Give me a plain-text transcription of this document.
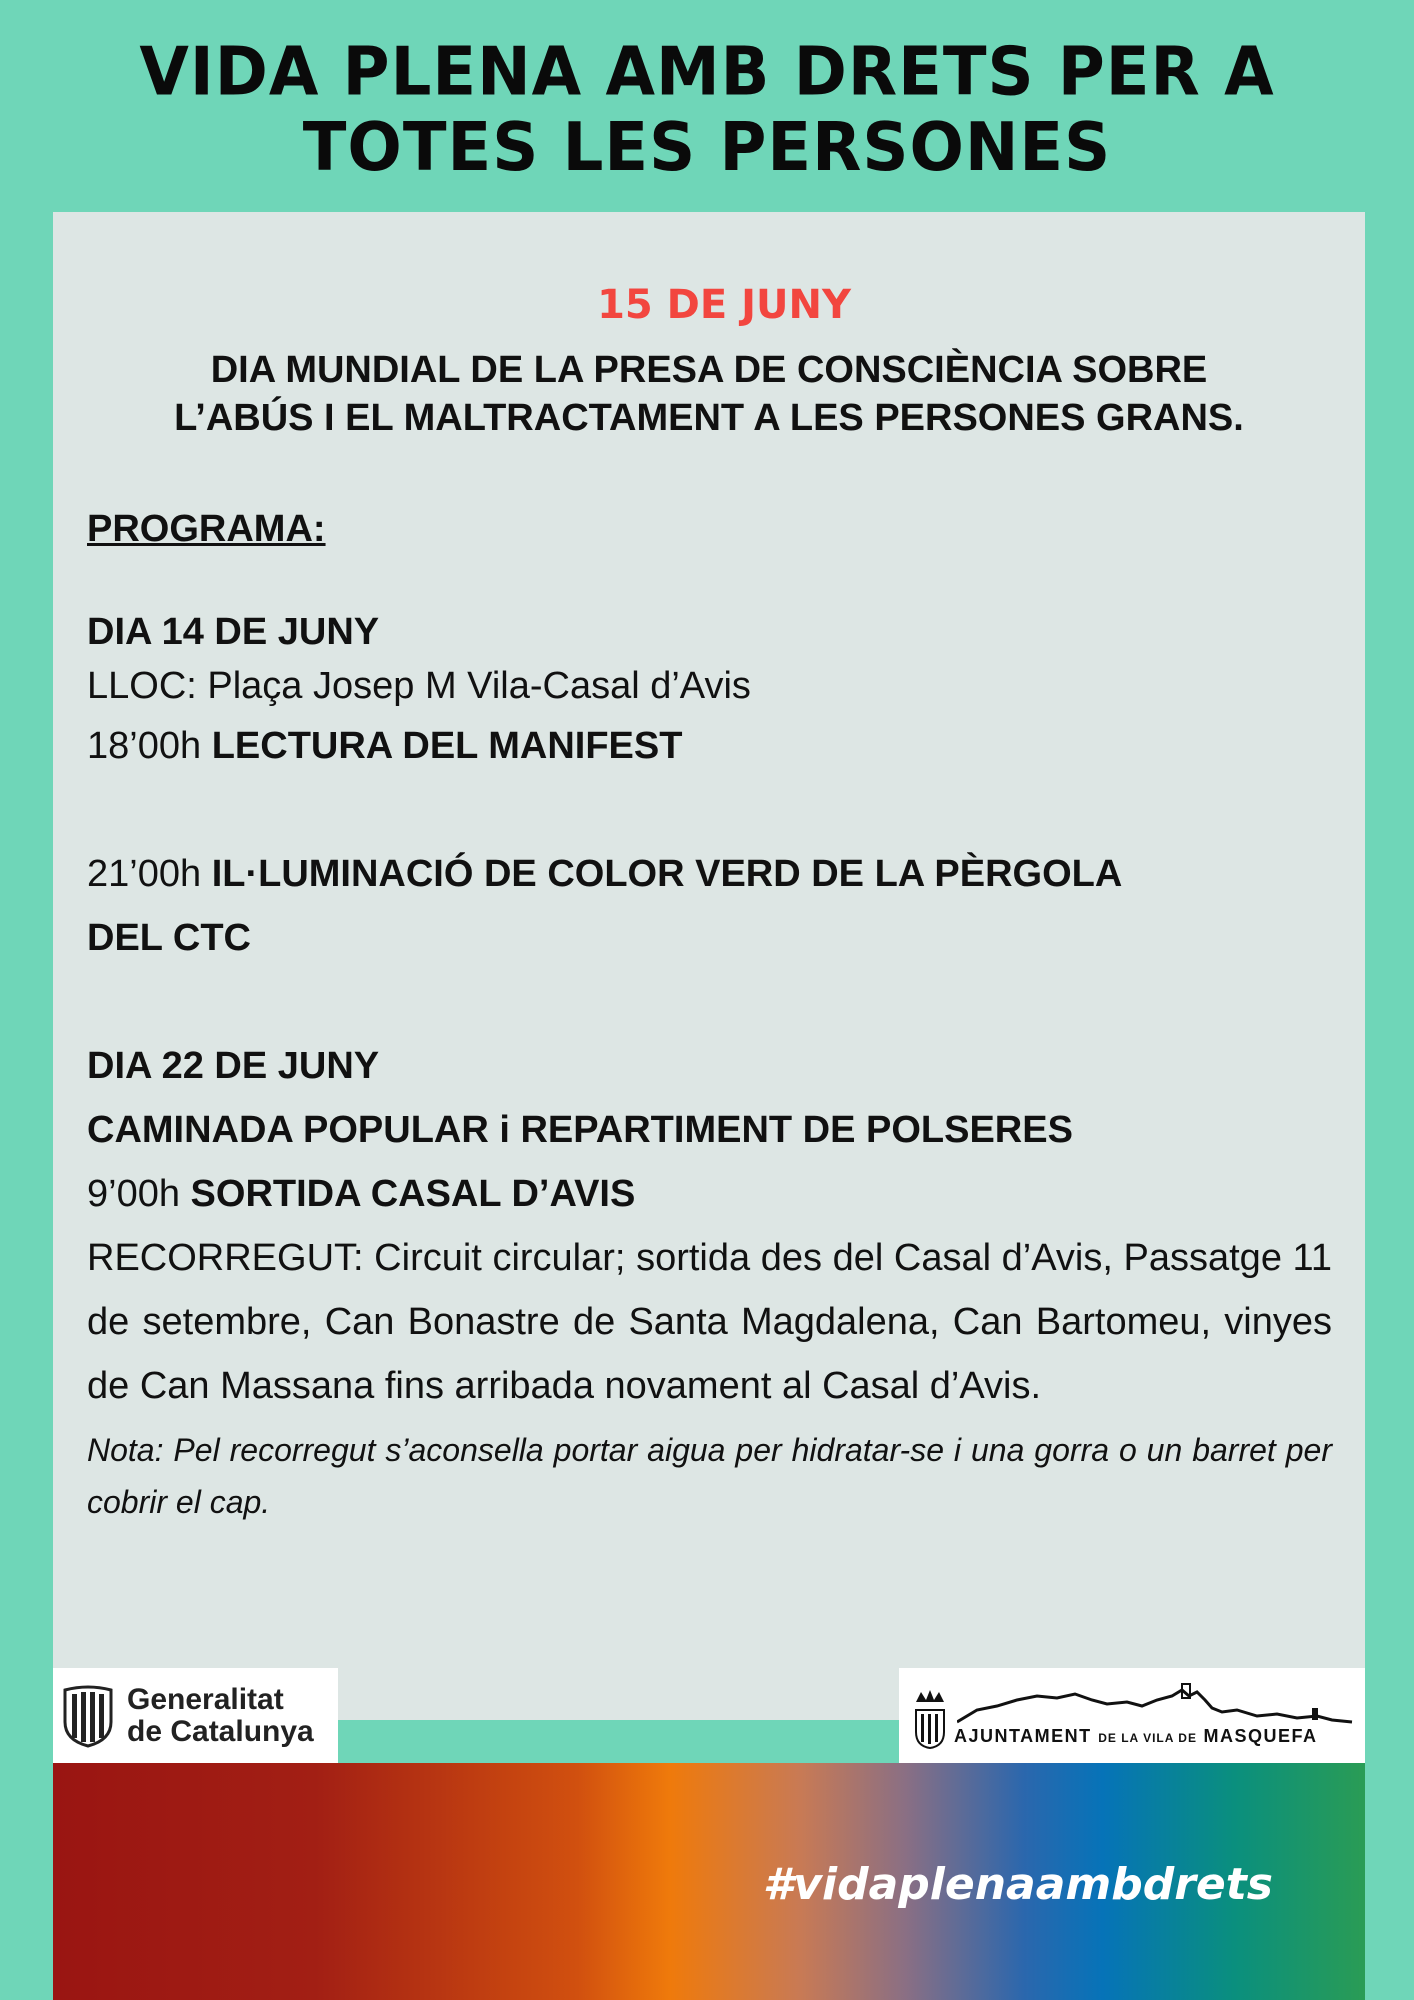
VIDA PLENA AMB DRETS PER A
TOTES LES PERSONES
15 DE JUNY
DIA MUNDIAL DE LA PRESA DE CONSCIÈNCIA SOBRE
L’ABÚS I EL MALTRACTAMENT A LES PERSONES GRANS.
PROGRAMA:
DIA 14 DE JUNY

LLOC: Plaça Josep M Vila-Casal d’Avis

18’00h LECTURA DEL MANIFEST

21’00h IL·LUMINACIÓ DE COLOR VERD DE LA PÈRGOLA

DEL CTC

DIA 22 DE JUNY

CAMINADA POPULAR i REPARTIMENT DE POLSERES

9’00h SORTIDA CASAL D’AVIS

RECORREGUT: Circuit circular; sortida des del Casal d’Avis, Passatge 11 de setembre, Can Bonastre de Santa Magdalena, Can Bartomeu, vinyes de Can Massana fins arribada novament al Casal d’Avis.

Nota: Pel recorregut s’aconsella portar aigua per hidratar-se i una gorra o un barret per cobrir el cap.

Generalitat
de Catalunya	AJUNTAMENT DE LA VILA DE MASQUEFA
#vidaplenaambdrets
